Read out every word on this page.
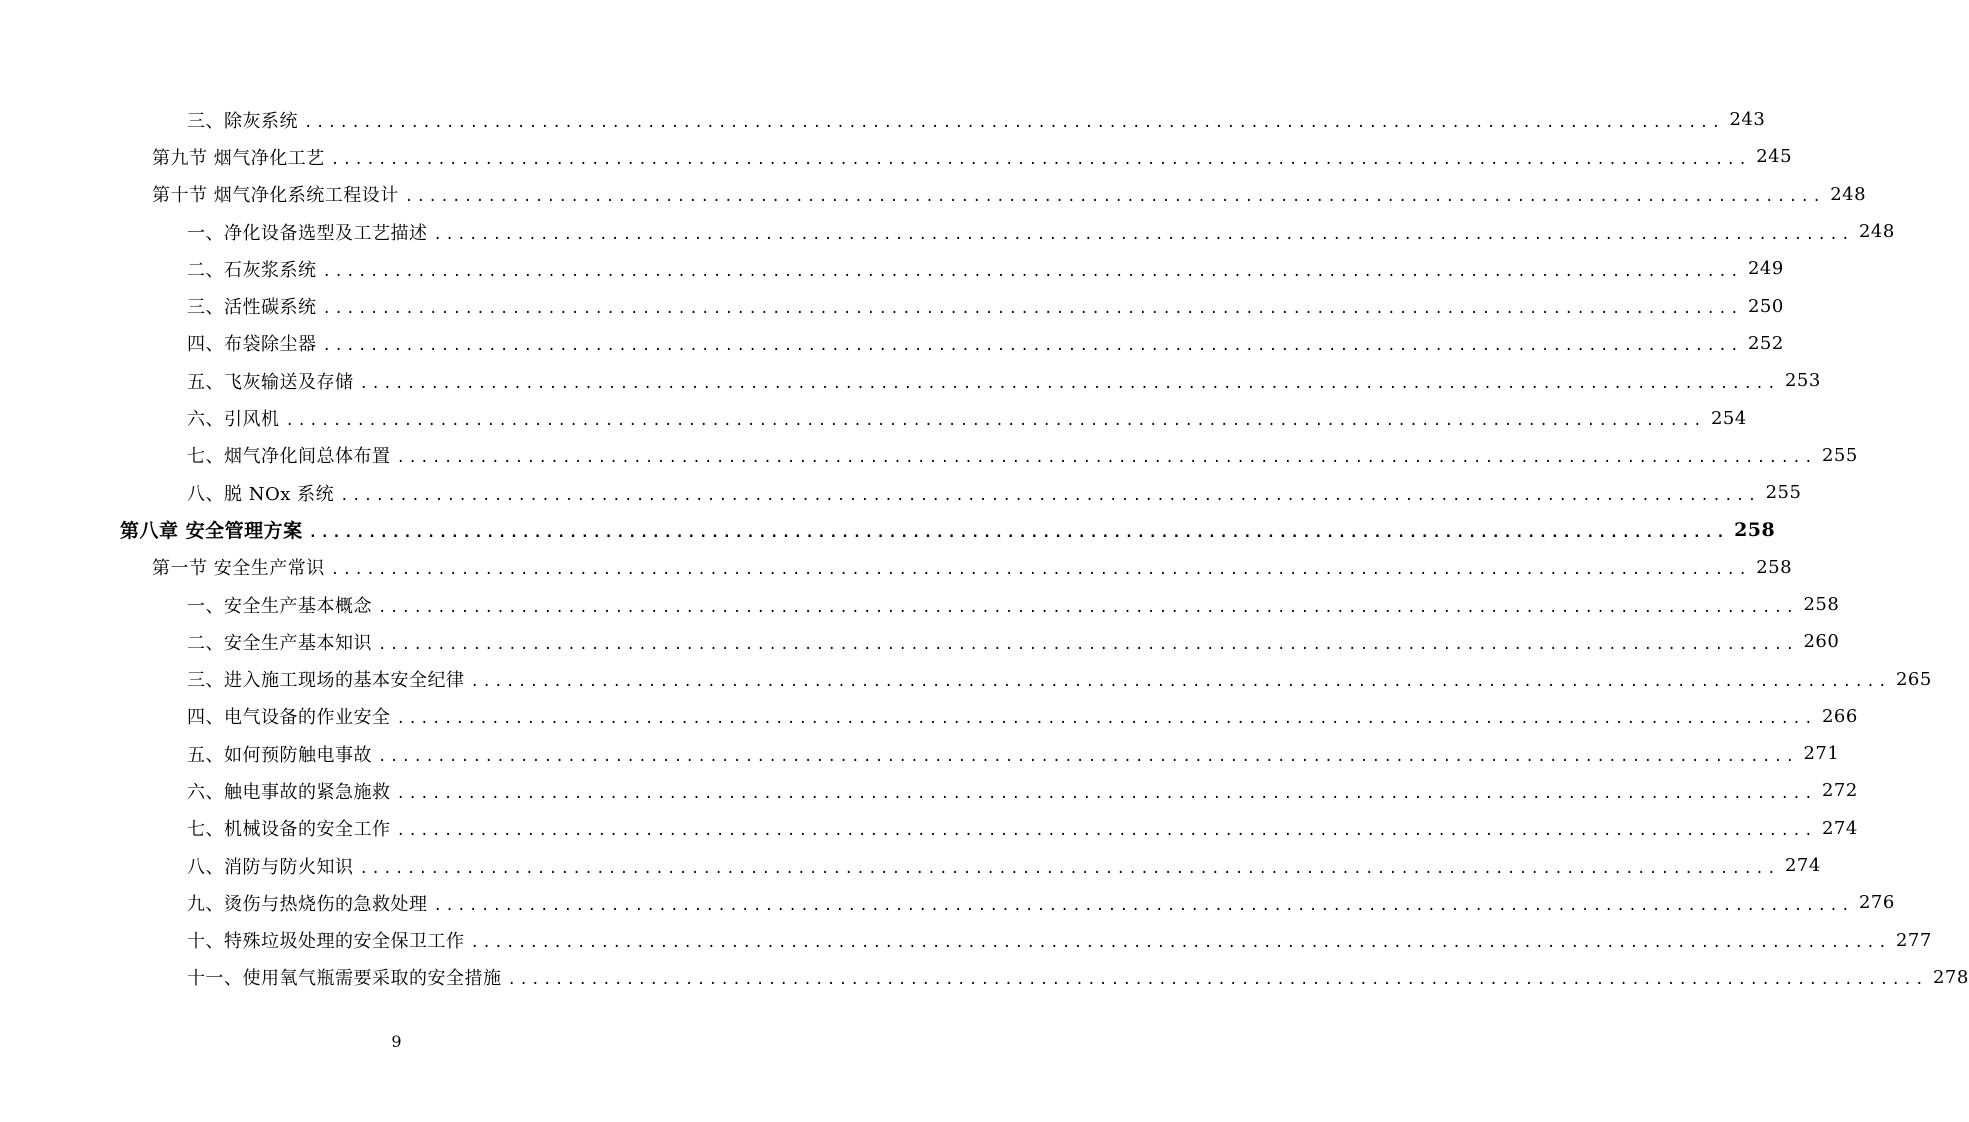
三、除灰系统 ........................................................................................................................ 243
第九节 烟气净化工艺 ........................................................................................................................ 245
第十节 烟气净化系统工程设计 ........................................................................................................................ 248
一、净化设备选型及工艺描述 ........................................................................................................................ 248
二、石灰浆系统 ........................................................................................................................ 249
三、活性碳系统 ........................................................................................................................ 250
四、布袋除尘器 ........................................................................................................................ 252
五、飞灰输送及存储 ........................................................................................................................ 253
六、引风机 ........................................................................................................................ 254
七、烟气净化间总体布置 ........................................................................................................................ 255
八、脱 NOx 系统 ........................................................................................................................ 255
第八章 安全管理方案 ........................................................................................................................ 258
第一节 安全生产常识 ........................................................................................................................ 258
一、安全生产基本概念 ........................................................................................................................ 258
二、安全生产基本知识 ........................................................................................................................ 260
三、进入施工现场的基本安全纪律 ........................................................................................................................ 265
四、电气设备的作业安全 ........................................................................................................................ 266
五、如何预防触电事故 ........................................................................................................................ 271
六、触电事故的紧急施救 ........................................................................................................................ 272
七、机械设备的安全工作 ........................................................................................................................ 274
八、消防与防火知识 ........................................................................................................................ 274
九、烫伤与热烧伤的急救处理 ........................................................................................................................ 276
十、特殊垃圾处理的安全保卫工作 ........................................................................................................................ 277
十一、使用氧气瓶需要采取的安全措施 ........................................................................................................................ 278
9
